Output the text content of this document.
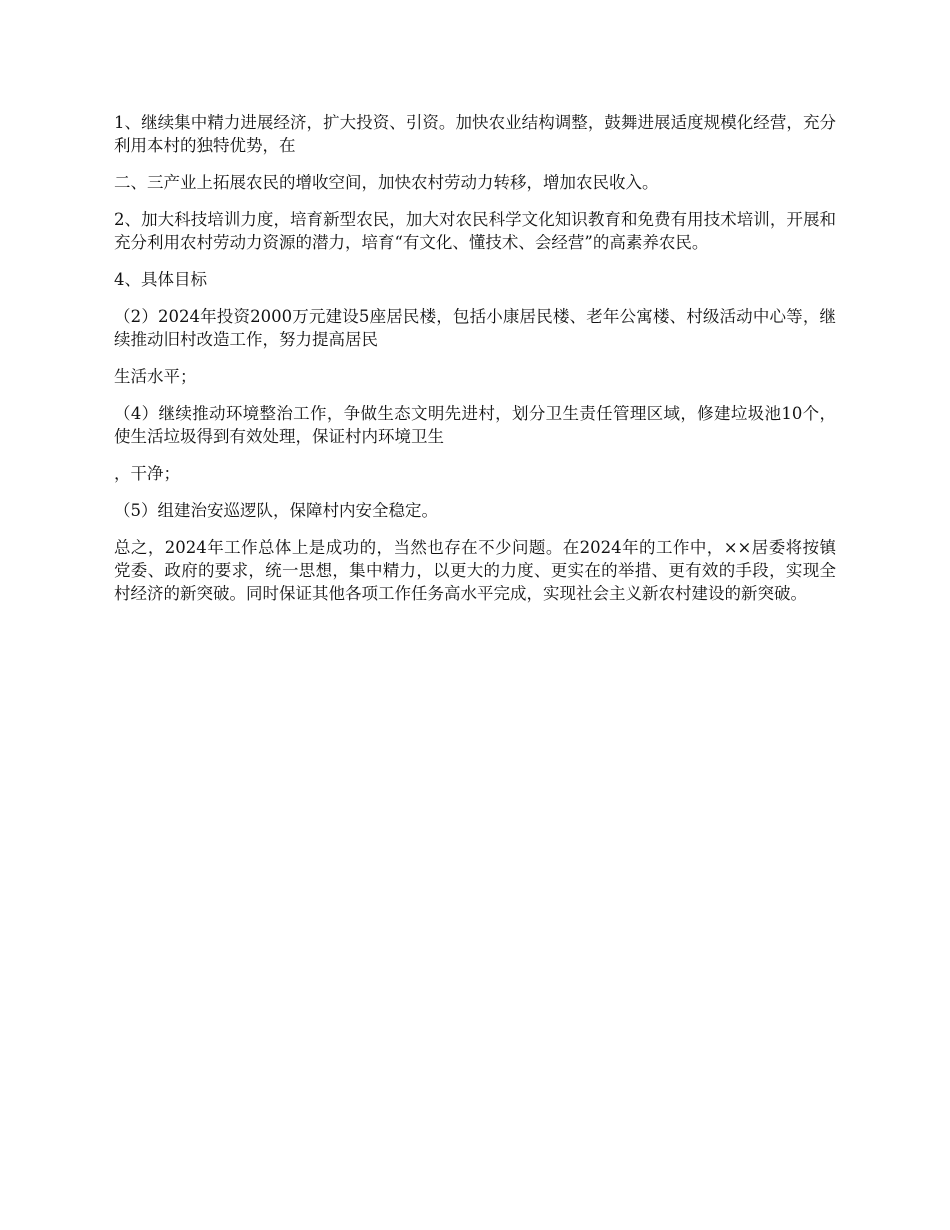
1、继续集中精力进展经济，扩大投资、引资。加快农业结构调整，鼓舞进展适度规模化经营，充分利用本村的独特优势，在

二、三产业上拓展农民的增收空间，加快农村劳动力转移，增加农民收入。

2、加大科技培训力度，培育新型农民，加大对农民科学文化知识教育和免费有用技术培训，开展和充分利用农村劳动力资源的潜力，培育“有文化、懂技术、会经营”的高素养农民。

4、具体目标

（2）2024年投资2000万元建设5座居民楼，包括小康居民楼、老年公寓楼、村级活动中心等，继续推动旧村改造工作，努力提高居民

生活水平；

（4）继续推动环境整治工作，争做生态文明先进村，划分卫生责任管理区域，修建垃圾池10个，使生活垃圾得到有效处理，保证村内环境卫生

，干净；

（5）组建治安巡逻队，保障村内安全稳定。

总之，2024年工作总体上是成功的，当然也存在不少问题。在2024年的工作中，××居委将按镇党委、政府的要求，统一思想，集中精力，以更大的力度、更实在的举措、更有效的手段，实现全村经济的新突破。同时保证其他各项工作任务高水平完成，实现社会主义新农村建设的新突破。
